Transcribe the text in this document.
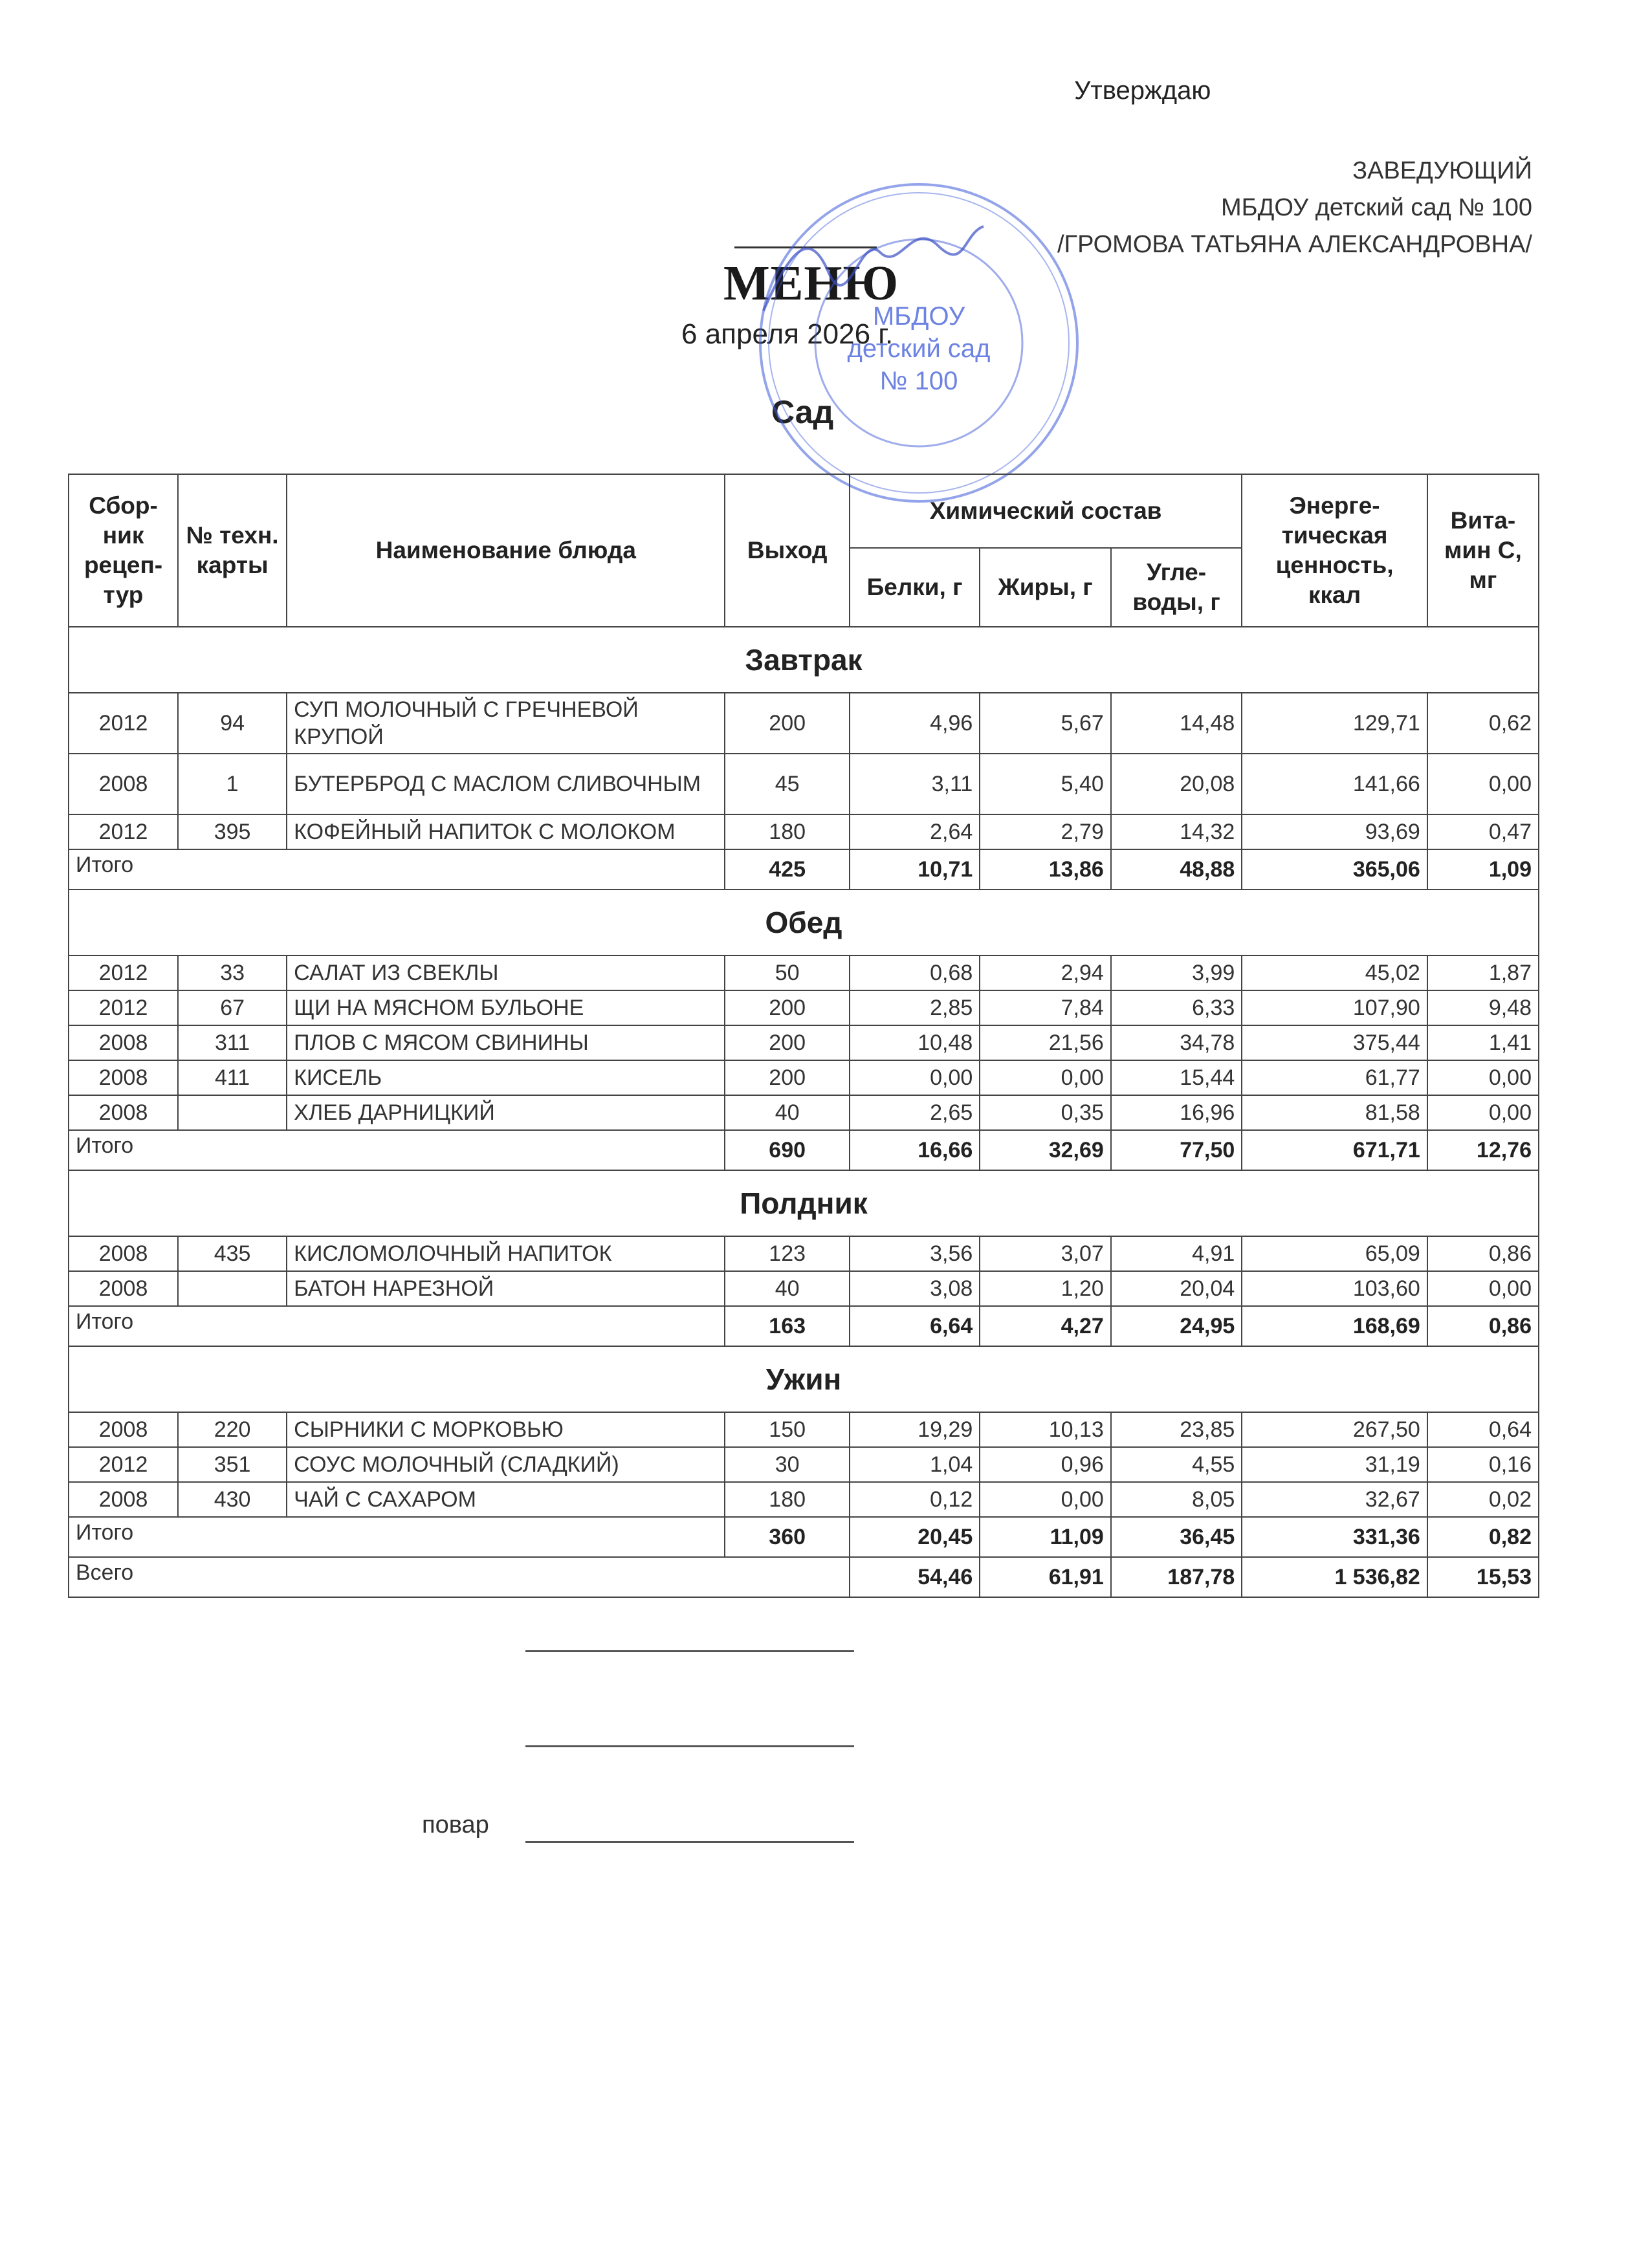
Утверждаю
ЗАВЕДУЮЩИЙ
МБДОУ детский сад № 100
/ГРОМОВА ТАТЬЯНА АЛЕКСАНДРОВНА/
МЕНЮ
6 апреля 2026 г.
Сад
МБДОУ
детский сад
№ 100
Сбор-ник рецеп-тур	№ техн. карты	Наименование блюда	Выход	Химический состав			Энерге-тическая ценность, ккал	Вита-мин С, мг
				Белки, г	Жиры, г	Угле-воды, г		
Завтрак								
2012	94	СУП МОЛОЧНЫЙ С ГРЕЧНЕВОЙ КРУПОЙ	200	4,96	5,67	14,48	129,71	0,62
2008	1	БУТЕРБРОД С МАСЛОМ СЛИВОЧНЫМ	45	3,11	5,40	20,08	141,66	0,00
2012	395	КОФЕЙНЫЙ НАПИТОК С МОЛОКОМ	180	2,64	2,79	14,32	93,69	0,47
Итого			425	10,71	13,86	48,88	365,06	1,09
Обед								
2012	33	САЛАТ ИЗ СВЕКЛЫ	50	0,68	2,94	3,99	45,02	1,87
2012	67	ЩИ НА МЯСНОМ БУЛЬОНЕ	200	2,85	7,84	6,33	107,90	9,48
2008	311	ПЛОВ С МЯСОМ СВИНИНЫ	200	10,48	21,56	34,78	375,44	1,41
2008	411	КИСЕЛЬ	200	0,00	0,00	15,44	61,77	0,00
2008		ХЛЕБ ДАРНИЦКИЙ	40	2,65	0,35	16,96	81,58	0,00
Итого			690	16,66	32,69	77,50	671,71	12,76
Полдник								
2008	435	КИСЛОМОЛОЧНЫЙ НАПИТОК	123	3,56	3,07	4,91	65,09	0,86
2008		БАТОН НАРЕЗНОЙ	40	3,08	1,20	20,04	103,60	0,00
Итого			163	6,64	4,27	24,95	168,69	0,86
Ужин								
2008	220	СЫРНИКИ С МОРКОВЬЮ	150	19,29	10,13	23,85	267,50	0,64
2012	351	СОУС МОЛОЧНЫЙ (СЛАДКИЙ)	30	1,04	0,96	4,55	31,19	0,16
2008	430	ЧАЙ С САХАРОМ	180	0,12	0,00	8,05	32,67	0,02
Итого			360	20,45	11,09	36,45	331,36	0,82
Всего				54,46	61,91	187,78	1 536,82	15,53
повар
